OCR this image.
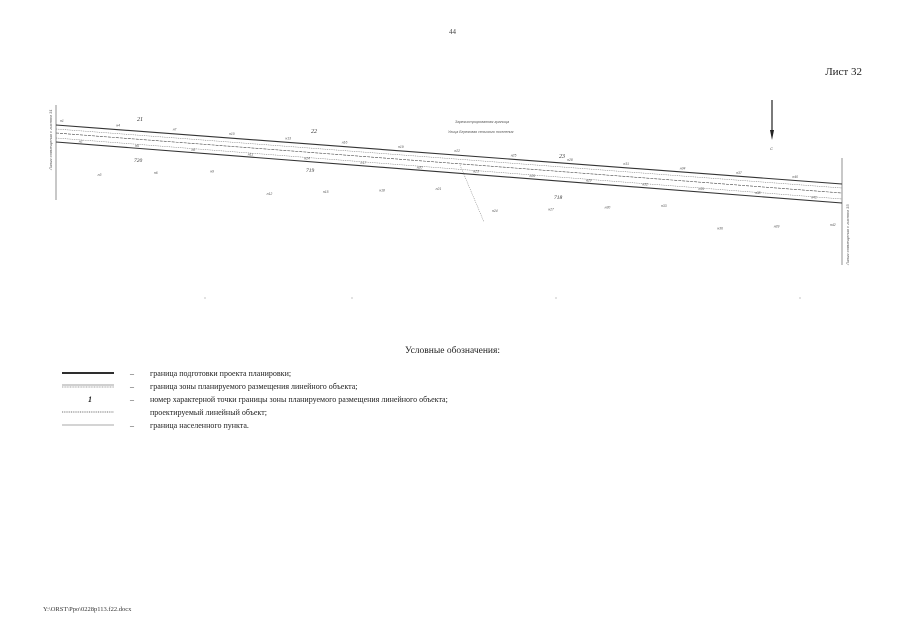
44
Лист 32
Линия совмещения с листом 31
Линия совмещения с листом 33
С
21
22
23
720
719
718
Зарегистрированная граница
Улица Береговая сельского поселения
н1
н2
н3
н4
н5
н6
н7
н8
н9
н10
н11
н12
н13
н14
н15
н16
н17
н18
н19
н20
н21
н22
н23
н24
н25
н26
н27
н28
н29
н30
н31
н32
н33
н34
н35
н36
н37
н38
н39
н40
н41
н42
Условные обозначения:
– граница подготовки проекта планировки;
– граница зоны планируемого размещения линейного объекта;
1	– номер характерной точки границы зоны планируемого размещения линейного объекта;
проектируемый линейный объект;
– граница населенного пункта.
Y:\ORST\Ppo\0228p113.f22.docx
